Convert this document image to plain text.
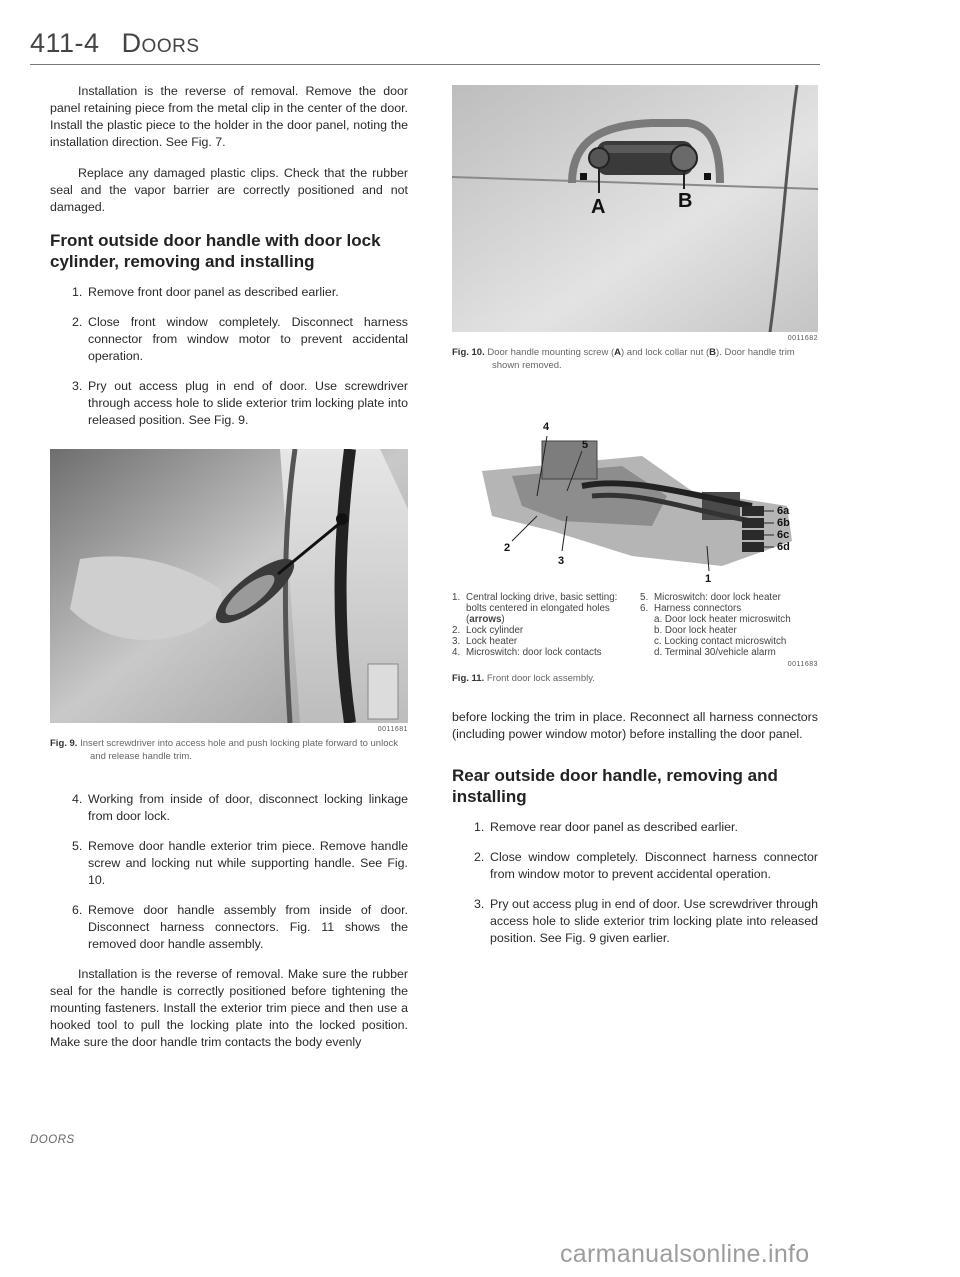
411-4 Doors

Installation is the reverse of removal. Remove the door panel retaining piece from the metal clip in the center of the door. Install the plastic piece to the holder in the door panel, noting the installation direction. See Fig. 7.

Replace any damaged plastic clips. Check that the rubber seal and the vapor barrier are correctly positioned and not damaged.

Front outside door handle with door lock cylinder, removing and installing
1. Remove front door panel as described earlier.
2. Close front window completely. Disconnect harness connector from window motor to prevent accidental operation.
3. Pry out access plug in end of door. Use screwdriver through access hole to slide exterior trim locking plate into released position. See Fig. 9.
0011681

Fig. 9. Insert screwdriver into access hole and push locking plate forward to unlock and release handle trim.

4. Working from inside of door, disconnect locking linkage from door lock.
5. Remove door handle exterior trim piece. Remove handle screw and locking nut while supporting handle. See Fig. 10.
6. Remove door handle assembly from inside of door. Disconnect harness connectors. Fig. 11 shows the removed door handle assembly.

Installation is the reverse of removal. Make sure the rubber seal for the handle is correctly positioned before tightening the mounting fasteners. Install the exterior trim piece and then use a hooked tool to pull the locking plate into the locked position. Make sure the door handle trim contacts the body evenly

A	B
0011682

Fig. 10. Door handle mounting screw (A) and lock collar nut (B). Door handle trim shown removed.

4
5
6a
6b
6c
6d
2
3
1
1. Central locking drive, basic setting: bolts centered in elongated holes (arrows)
2. Lock cylinder
3. Lock heater
4. Microswitch: door lock contacts
5. Microswitch: door lock heater
6. Harness connectors
a. Door lock heater microswitch
b. Door lock heater
c. Locking contact microswitch
d. Terminal 30/vehicle alarm
0011683

Fig. 11. Front door lock assembly.

before locking the trim in place. Reconnect all harness connectors (including power window motor) before installing the door panel.

Rear outside door handle, removing and installing
1. Remove rear door panel as described earlier.
2. Close window completely. Disconnect harness connector from window motor to prevent accidental operation.
3. Pry out access plug in end of door. Use screwdriver through access hole to slide exterior trim locking plate into released position. See Fig. 9 given earlier.
DOORS
carmanualsonline.info
